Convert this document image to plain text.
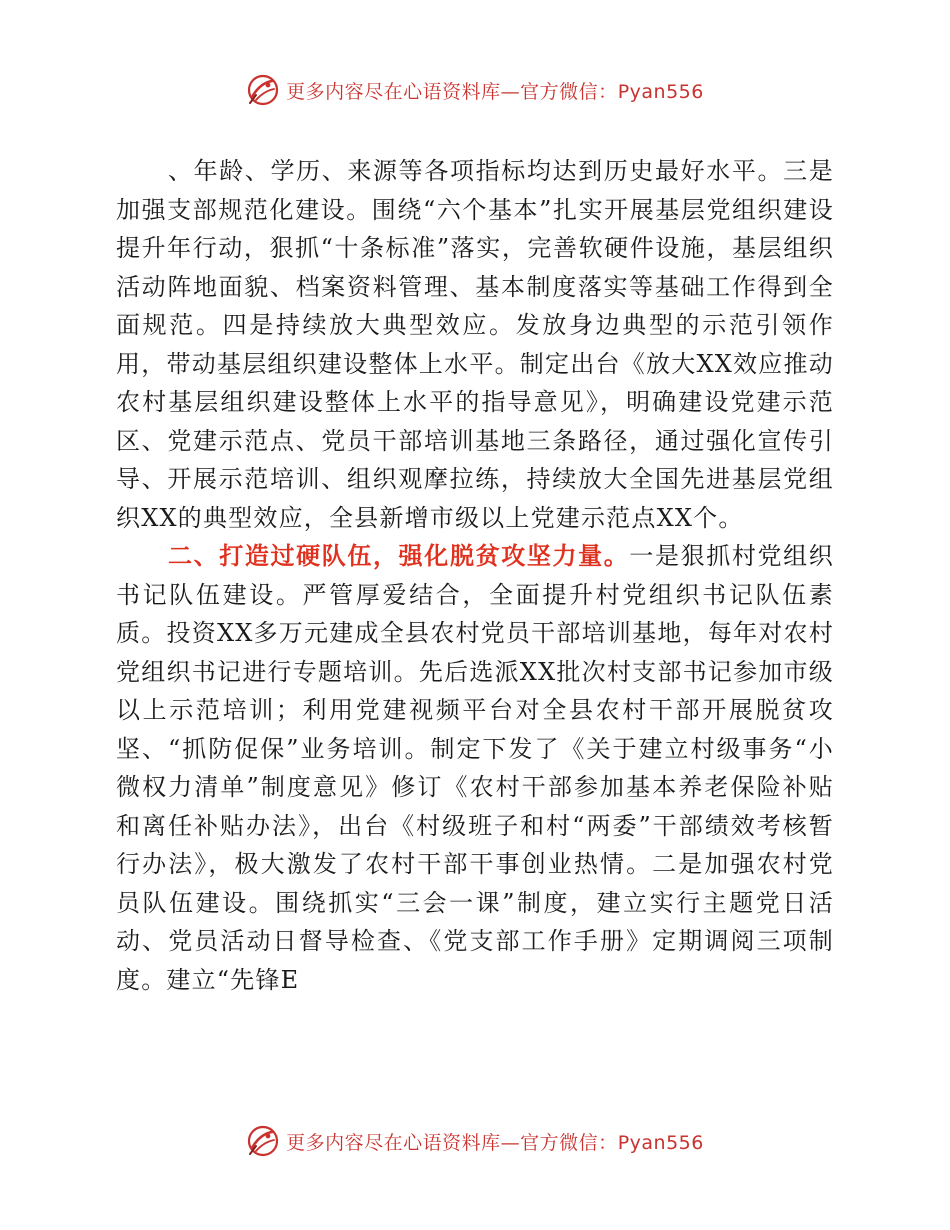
更多内容尽在心语资料库—官方微信：Pyan556

、年龄、学历、来源等各项指标均达到历史最好水平。三是加强支部规范化建设。围绕“六个基本”扎实开展基层党组织建设提升年行动，狠抓“十条标准”落实，完善软硬件设施，基层组织活动阵地面貌、档案资料管理、基本制度落实等基础工作得到全面规范。四是持续放大典型效应。发放身边典型的示范引领作用，带动基层组织建设整体上水平。制定出台《放大XX效应推动农村基层组织建设整体上水平的指导意见》，明确建设党建示范区、党建示范点、党员干部培训基地三条路径，通过强化宣传引导、开展示范培训、组织观摩拉练，持续放大全国先进基层党组织XX的典型效应，全县新增市级以上党建示范点XX个。

二、打造过硬队伍，强化脱贫攻坚力量。一是狠抓村党组织书记队伍建设。严管厚爱结合，全面提升村党组织书记队伍素质。投资XX多万元建成全县农村党员干部培训基地，每年对农村党组织书记进行专题培训。先后选派XX批次村支部书记参加市级以上示范培训；利用党建视频平台对全县农村干部开展脱贫攻坚、“抓防促保”业务培训。制定下发了《关于建立村级事务“小微权力清单”制度意见》修订《农村干部参加基本养老保险补贴和离任补贴办法》，出台《村级班子和村“两委”干部绩效考核暂行办法》，极大激发了农村干部干事创业热情。二是加强农村党员队伍建设。围绕抓实“三会一课”制度，建立实行主题党日活动、党员活动日督导检查、《党支部工作手册》定期调阅三项制度。建立“先锋E

更多内容尽在心语资料库—官方微信：Pyan556
